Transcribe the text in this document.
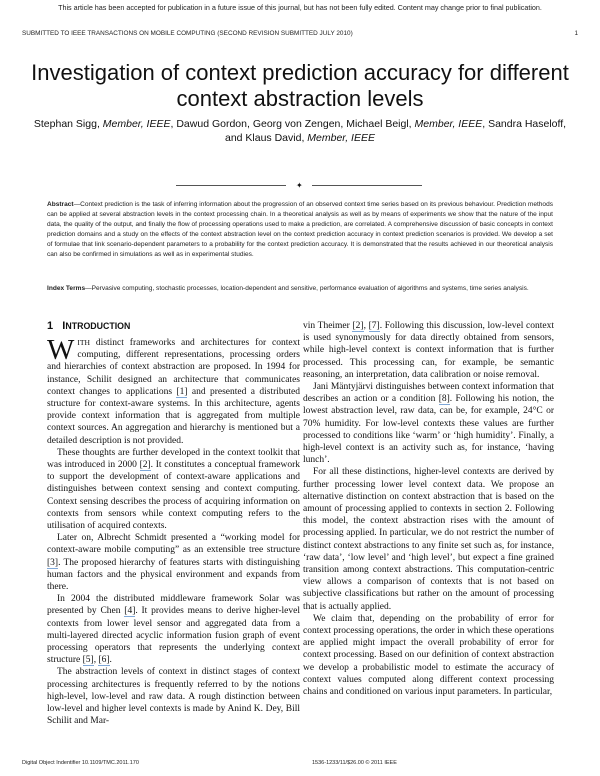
This article has been accepted for publication in a future issue of this journal, but has not been fully edited. Content may change prior to final publication.
SUBMITTED TO IEEE TRANSACTIONS ON MOBILE COMPUTING (SECOND REVISION SUBMITTED JULY 2010)	1
Investigation of context prediction accuracy for different context abstraction levels
Stephan Sigg, Member, IEEE, Dawud Gordon, Georg von Zengen, Michael Beigl, Member, IEEE, Sandra Haseloff, and Klaus David, Member, IEEE
✦
Abstract—Context prediction is the task of inferring information about the progression of an observed context time series based on its previous behaviour. Prediction methods can be applied at several abstraction levels in the context processing chain. In a theoretical analysis as well as by means of experiments we show that the nature of the input data, the quality of the output, and finally the flow of processing operations used to make a prediction, are correlated. A comprehensive discussion of basic concepts in context prediction domains and a study on the effects of the context abstraction level on the context prediction accuracy in context prediction scenarios is provided. We develop a set of formulae that link scenario-dependent parameters to a probability for the context prediction accuracy. It is demonstrated that the results achieved in our theoretical analysis can also be confirmed in simulations as well as in experimental studies.
Index Terms—Pervasive computing, stochastic processes, location-dependent and sensitive, performance evaluation of algorithms and systems, time series analysis.
1 INTRODUCTION

WITH distinct frameworks and architectures for context computing, different representations, processing orders and hierarchies of context abstraction are proposed. In 1994 for instance, Schilit designed an architecture that communicates context changes to applications [1] and presented a distributed structure for context-aware systems. In this architecture, agents provide context information that is aggregated from multiple context sources. An aggregation and hierarchy is mentioned but a detailed description is not provided.

These thoughts are further developed in the context toolkit that was introduced in 2000 [2]. It constitutes a conceptual framework to support the development of context-aware applications and distinguishes between context sensing and context computing. Context sensing describes the process of acquiring information on contexts from sensors while context computing refers to the utilisation of acquired contexts.

Later on, Albrecht Schmidt presented a “working model for context-aware mobile computing” as an extensible tree structure [3]. The proposed hierarchy of features starts with distinguishing human factors and the physical environment and expands from there.

In 2004 the distributed middleware framework Solar was presented by Chen [4]. It provides means to derive higher-level contexts from lower level sensor and aggregated data from a multi-layered directed acyclic information fusion graph of event processing operators that represents the underlying context structure [5], [6].

The abstraction levels of context in distinct stages of context processing architectures is frequently referred to by the notions high-level, low-level and raw data. A rough distinction between low-level and higher level contexts is made by Anind K. Dey, Bill Schilit and Mar-

vin Theimer [2], [7]. Following this discussion, low-level context is used synonymously for data directly obtained from sensors, while high-level context is context information that is further processed. This processing can, for example, be semantic reasoning, an interpretation, data calibration or noise removal.

Jani Mäntyjärvi distinguishes between context information that describes an action or a condition [8]. Following his notion, the lowest abstraction level, raw data, can be, for example, 24°C or 70% humidity. For low-level contexts these values are further processed to conditions like ‘warm’ or ‘high humidity’. Finally, a high-level context is an activity such as, for instance, ‘having lunch’.

For all these distinctions, higher-level contexts are derived by further processing lower level context data. We propose an alternative distinction on context abstraction that is based on the amount of processing applied to contexts in section 2. Following this model, the context abstraction rises with the amount of processing applied. In particular, we do not restrict the number of distinct context abstractions to any finite set such as, for instance, ‘raw data’, ‘low level’ and ‘high level’, but expect a fine grained transition among context abstractions. This computation-centric view allows a comparison of contexts that is not based on subjective classifications but rather on the amount of processing that is actually applied.

We claim that, depending on the probability of error for context processing operations, the order in which these operations are applied might impact the overall probability of error for context processing. Based on our definition of context abstraction we develop a probabilistic model to estimate the accuracy of context values computed along different context processing chains and conditioned on various input parameters. In particular,

Digital Object Indentifier 10.1109/TMC.2011.170	1536-1233/11/$26.00 © 2011 IEEE
